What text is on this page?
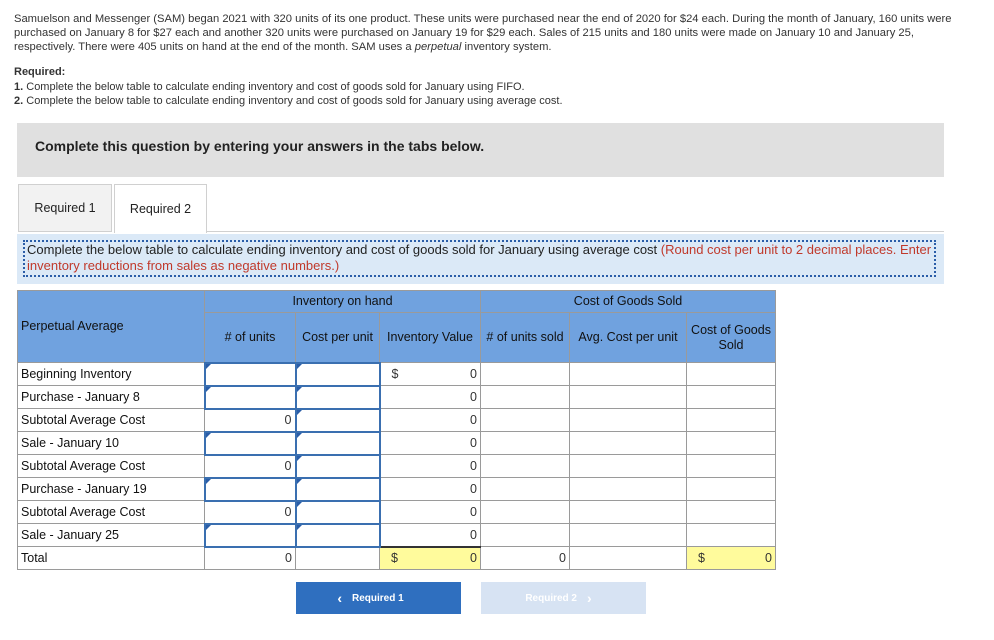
Samuelson and Messenger (SAM) began 2021 with 320 units of its one product. These units were purchased near the end of 2020 for $24 each. During the month of January, 160 units were purchased on January 8 for $27 each and another 320 units were purchased on January 19 for $29 each. Sales of 215 units and 180 units were made on January 10 and January 25, respectively. There were 405 units on hand at the end of the month. SAM uses a perpetual inventory system.
Required:
1. Complete the below table to calculate ending inventory and cost of goods sold for January using FIFO.
2. Complete the below table to calculate ending inventory and cost of goods sold for January using average cost.
Complete this question by entering your answers in the tabs below.
Required 1	Required 2
Complete the below table to calculate ending inventory and cost of goods sold for January using average cost (Round cost per unit to 2 decimal places. Enter inventory reductions from sales as negative numbers.)
Perpetual Average	Inventory on hand			Cost of Goods Sold		
	# of units	Cost per unit	Inventory Value	# of units sold	Avg. Cost per unit	Cost of Goods Sold
Beginning Inventory			$ 0			
Purchase - January 8			0			
Subtotal Average Cost	0		0			
Sale - January 10			0			
Subtotal Average Cost	0		0			
Purchase - January 19			0			
Subtotal Average Cost	0		0			
Sale - January 25			0			
Total	0		$ 0	0		$ 0
‹ Required 1	Required 2 ›
